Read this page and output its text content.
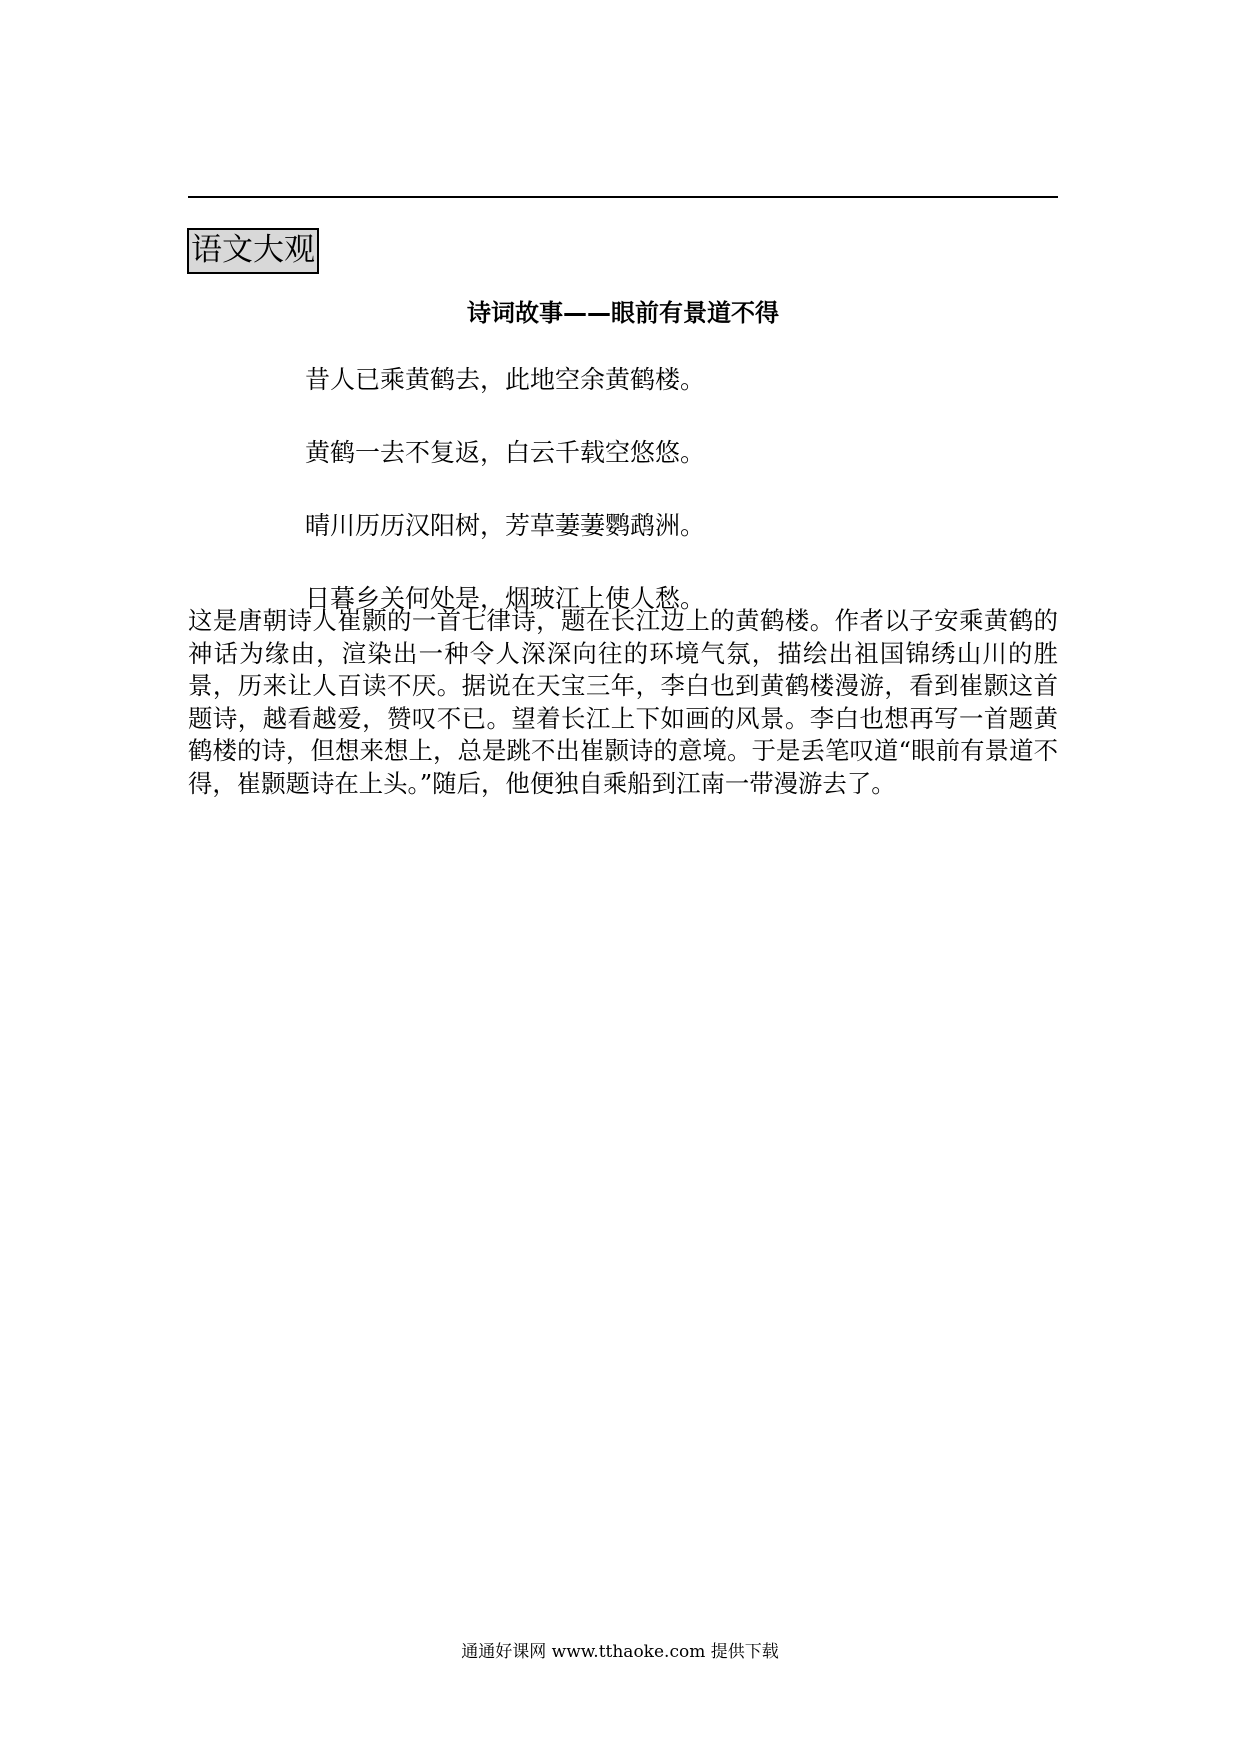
语文大观
诗词故事——眼前有景道不得
昔人已乘黄鹤去，此地空余黄鹤楼。
黄鹤一去不复返，白云千载空悠悠。
晴川历历汉阳树，芳草萋萋鹦鹉洲。
日暮乡关何处是，烟玻江上使人愁。
这是唐朝诗人崔颢的一首七律诗，题在长江边上的黄鹤楼。作者以子安乘黄鹤的神话为缘由，渲染出一种令人深深向往的环境气氛，描绘出祖国锦绣山川的胜景，历来让人百读不厌。据说在天宝三年，李白也到黄鹤楼漫游，看到崔颢这首题诗，越看越爱，赞叹不已。望着长江上下如画的风景。李白也想再写一首题黄鹤楼的诗，但想来想上，总是跳不出崔颢诗的意境。于是丢笔叹道“眼前有景道不得，崔颢题诗在上头。”随后，他便独自乘船到江南一带漫游去了。
通通好课网 www.tthaoke.com 提供下载
